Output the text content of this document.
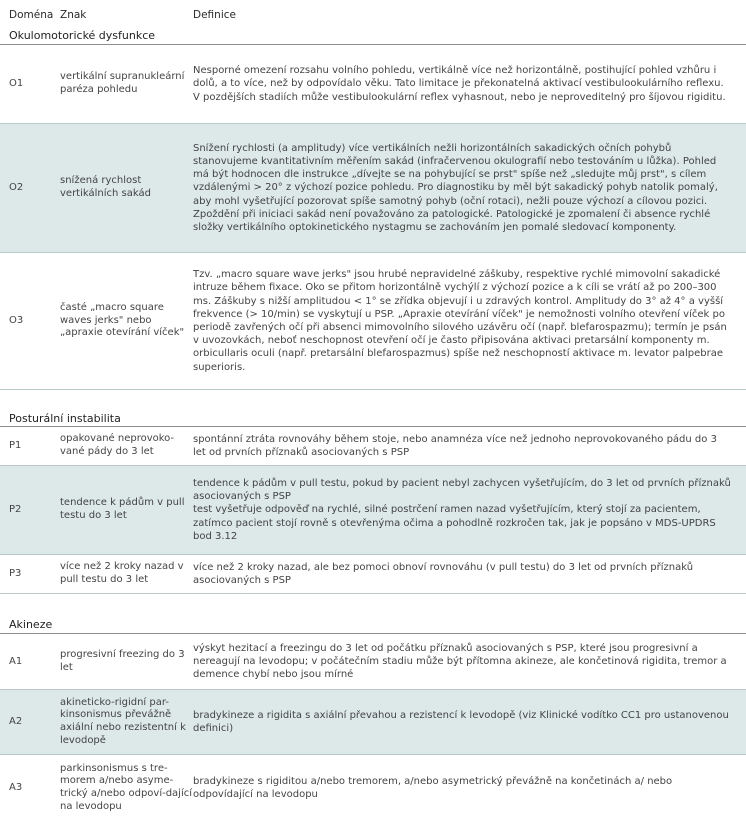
Doména Znak	Definice
Okulomotorické dysfunkce
O1
vertikální supranukleární paréza pohledu
Nesporné omezení rozsahu volního pohledu, vertikálně více než horizontálně, postihující pohled vzhůru i dolů, a to více, než by odpovídalo věku. Tato limitace je překonatelná aktivací vestibulookulárního reflexu. V pozdějších stadiích může vestibulookulární reflex vyhasnout, nebo je neproveditelný pro šíjovou rigiditu.
O2
snížená rychlost vertikálních sakád
Snížení rychlosti (a amplitudy) více vertikálních nežli horizontálních sakadických očních pohybů stanovujeme kvantitativním měřením sakád (infračervenou okulografií nebo testováním u lůžka). Pohled má být hodnocen dle instrukce „dívejte se na pohybující se prst" spíše než „sledujte můj prst", s cílem vzdálenými > 20° z výchozí pozice pohledu. Pro diagnostiku by měl být sakadický pohyb natolik pomalý, aby mohl vyšetřující pozorovat spíše samotný pohyb (oční rotaci), nežli pouze výchozí a cílovou pozici. Zpoždění při iniciaci sakád není považováno za patologické. Patologické je zpomalení či absence rychlé složky vertikálního optokinetického nystagmu se zachováním jen pomalé sledovací komponenty.
O3
časté „macro square waves jerks" nebo „apraxie otevírání víček"
Tzv. „macro square wave jerks" jsou hrubé nepravidelné záškuby, respektive rychlé mimovolní sakadické intruze během fixace. Oko se přitom horizontálně vychýlí z výchozí pozice a k cíli se vrátí až po 200–300 ms. Záškuby s nižší amplitudou < 1° se zřídka objevují i u zdravých kontrol. Amplitudy do 3° až 4° a vyšší frekvence (> 10/min) se vyskytují u PSP. „Apraxie otevírání víček" je nemožnosti volního otevření víček po periodě zavřených očí při absenci mimovolního silového uzávěru očí (např. blefarospazmu); termín je psán v uvozovkách, neboť neschopnost otevření očí je často připisována aktivaci pretarsální komponenty m. orbicullaris oculi (např. pretarsální blefarospazmus) spíše než neschopností aktivace m. levator palpebrae superioris.
Posturální instabilita
P1
opakované neprovoko-vané pády do 3 let
spontánní ztráta rovnováhy během stoje, nebo anamnéza více než jednoho neprovokovaného pádu do 3 let od prvních příznaků asociovaných s PSP
P2
tendence k pádům v pull testu do 3 let
tendence k pádům v pull testu, pokud by pacient nebyl zachycen vyšetřujícím, do 3 let od prvních příznaků asociovaných s PSP
test vyšetřuje odpověď na rychlé, silné postrčení ramen nazad vyšetřujícím, který stojí za pacientem, zatímco pacient stojí rovně s otevřenýma očima a pohodlně rozkročen tak, jak je popsáno v MDS-UPDRS bod 3.12
P3
více než 2 kroky nazad v pull testu do 3 let
více než 2 kroky nazad, ale bez pomoci obnoví rovnováhu (v pull testu) do 3 let od prvních příznaků asociovaných s PSP
Akineze
A1
progresivní freezing do 3 let
výskyt hezitací a freezingu do 3 let od počátku příznaků asociovaných s PSP, které jsou progresivní a nereagují na levodopu; v počátečním stadiu může být přítomna akineze, ale končetinová rigidita, tremor a demence chybí nebo jsou mírné
A2
akineticko-rigidní par-kinsonismus převážně axiální nebo rezistentní k levodopě
bradykineze a rigidita s axiální převahou a rezistencí k levodopě (viz Klinické vodítko CC1 pro ustanovenou definici)
A3
parkinsonismus s tre-morem a/nebo asyme-trický a/nebo odpoví-dající na levodopu
bradykineze s rigiditou a/nebo tremorem, a/nebo asymetrický převážně na končetinách a/ nebo odpovídající na levodopu
